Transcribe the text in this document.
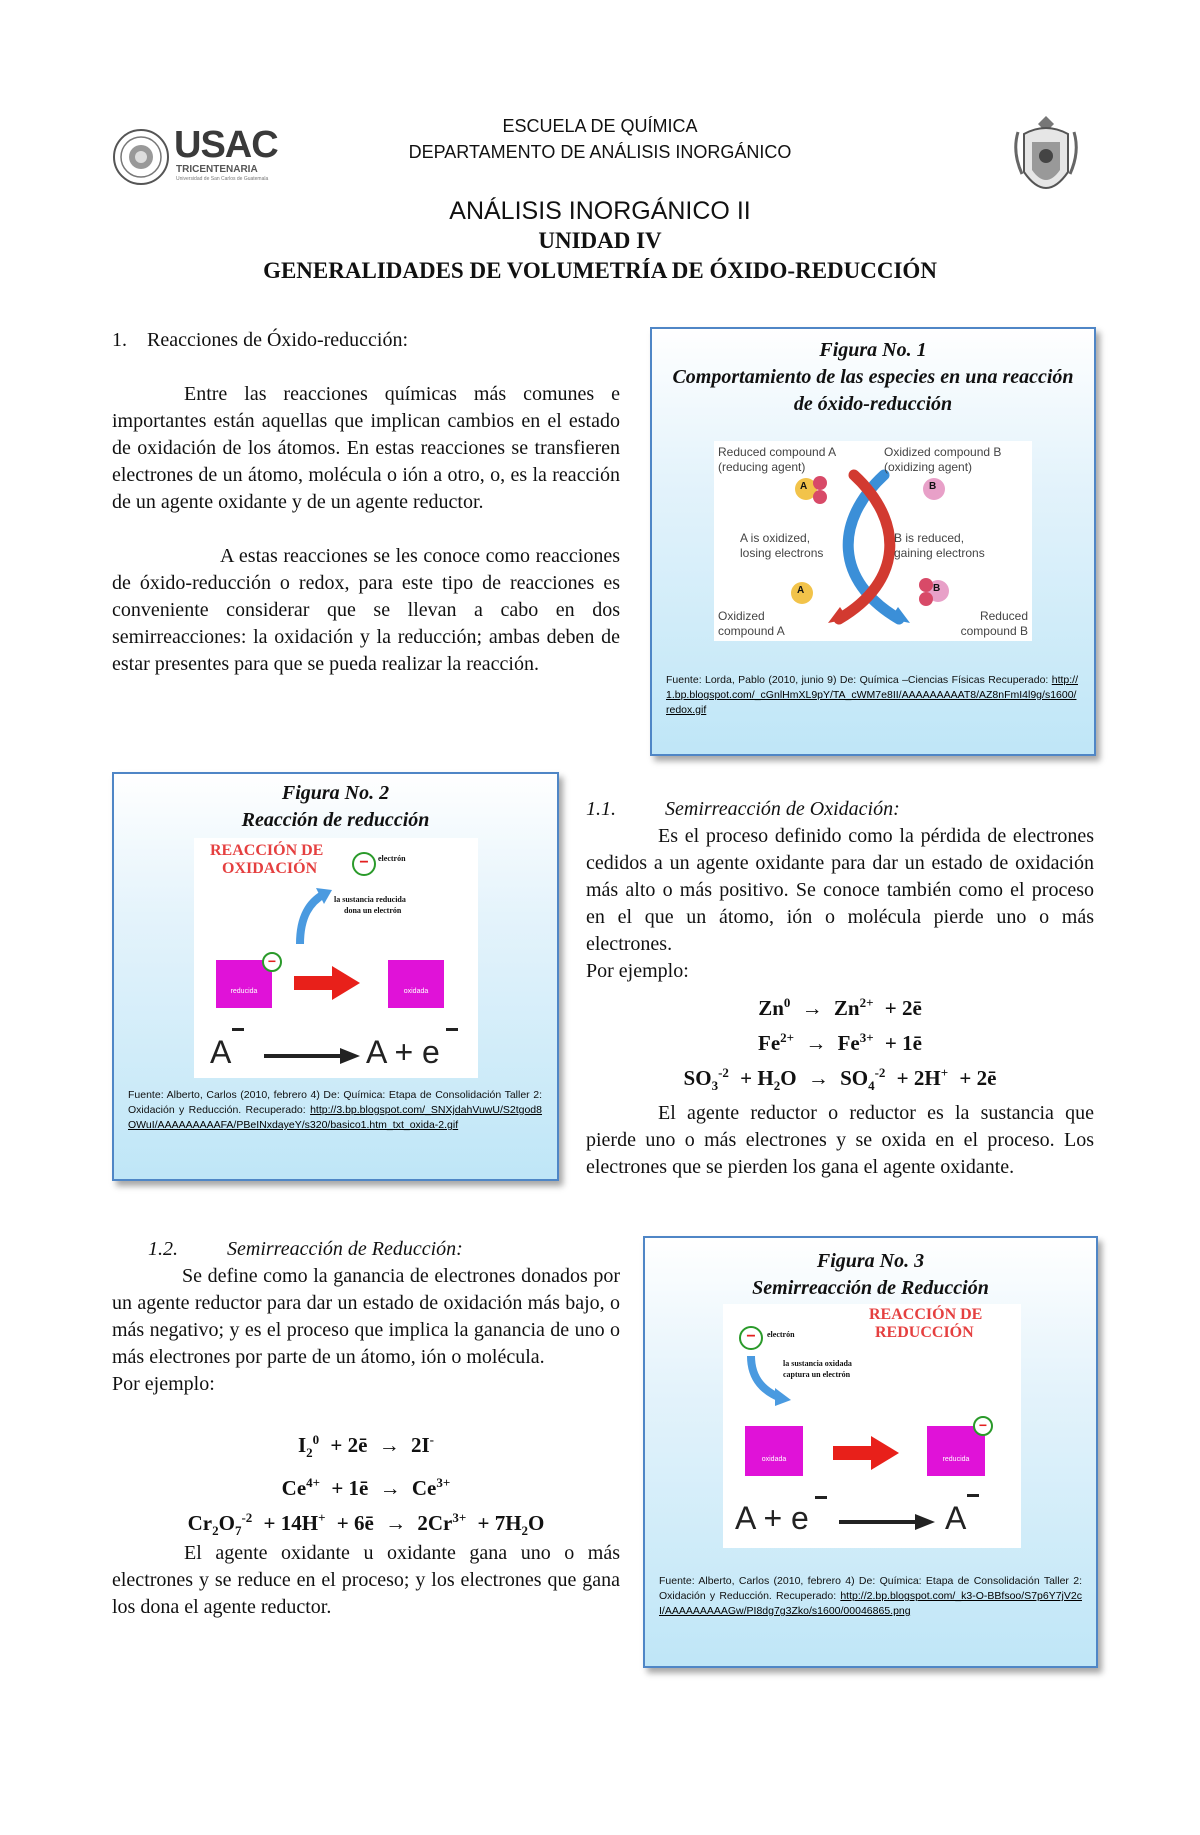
USAC
TRICENTENARIA
Universidad de San Carlos de Guatemala
ESCUELA DE QUÍMICA
DEPARTAMENTO DE ANÁLISIS INORGÁNICO
ANÁLISIS INORGÁNICO II
UNIDAD IV
GENERALIDADES DE VOLUMETRÍA DE ÓXIDO-REDUCCIÓN

1.    Reacciones de Óxido-reducción:

Entre las reacciones químicas más comunes e importantes están aquellas que implican cambios en el estado de oxidación de los átomos. En estas reacciones se transfieren electrones de un átomo, molécula o ión a otro, o, es la reacción de un agente oxidante y de un agente reductor.

A estas reacciones se les conoce como reacciones de óxido-reducción o redox, para este tipo de reacciones es conveniente considerar que se llevan a cabo en dos semirreacciones: la oxidación y la reducción; ambas deben de estar presentes para que se pueda realizar la reacción.

Figura No. 1
Comportamiento de las especies en una reacción de óxido-reducción
A	B
A	B
Reduced compound A
(reducing agent)
Oxidized compound B
(oxidizing agent)
A is oxidized,
losing electrons
B is reduced,
gaining electrons
Oxidized
compound A
Reduced
compound B
Fuente: Lorda, Pablo (2010, junio 9) De: Química –Ciencias Físicas Recuperado: http://1.bp.blogspot.com/_cGnlHmXL9pY/TA_cWM7e8II/AAAAAAAAAT8/AZ8nFmI4l9g/s1600/redox.gif
Figura No. 2
Reacción de reducción
REACCIÓN DE
OXIDACIÓN	−	electrón
la sustancia reducida
dona un electrón
reducida
−
oxidada
A	A + e
Fuente: Alberto, Carlos (2010, febrero 4) De: Química: Etapa de Consolidación Taller 2: Oxidación y Reducción. Recuperado: http://3.bp.blogspot.com/_SNXjdahVuwU/S2tgod8OWuI/AAAAAAAAAFA/PBeINxdayeY/s320/basico1.htm_txt_oxida-2.gif
1.1. Semirreacción de Oxidación:

Es el proceso definido como la pérdida de electrones cedidos a un agente oxidante para dar un estado de oxidación más alto o más positivo. Se conoce también como el proceso en el que un átomo, ión o molécula pierde uno o más electrones.

Por ejemplo:

$Zn^0 \to Zn^{2+}$ + 2ē
$Fe^{2+} \to Fe^{3+}$ + 1ē
$SO_3^{-2} + H_2O \to SO_4^{-2} + 2H^+$ + 2ē

El agente reductor o reductor es la sustancia que pierde uno o más electrones y se oxida en el proceso. Los electrones que se pierden los gana el agente oxidante.

1.2. Semirreacción de Reducción:

Se define como la ganancia de electrones donados por un agente reductor para dar un estado de oxidación más bajo, o más negativo; y es el proceso que implica la ganancia de uno o más electrones por parte de un átomo, ión o molécula.

Por ejemplo:

$I_2^0$ + 2ē → 2I-
$Ce^{4+}$ + 1ē → $Ce^{3+}$
$Cr_2O_7^{-2} + 14H^+$ + 6ē → $2Cr^{3+} + 7H_2O$

El agente oxidante u oxidante gana uno o más electrones y se reduce en el proceso; y los electrones que gana los dona el agente reductor.

Figura No. 3
Semirreacción de Reducción
−	electrón
REACCIÓN DE
REDUCCIÓN
la sustancia oxidada
captura un electrón
oxidada	reducida
−
A + e	A
Fuente: Alberto, Carlos (2010, febrero 4) De: Química: Etapa de Consolidación Taller 2: Oxidación y Reducción. Recuperado: http://2.bp.blogspot.com/_k3-O-BBfsoo/S7p6Y7jV2cI/AAAAAAAAAGw/PI8dg7g3Zko/s1600/00046865.png
